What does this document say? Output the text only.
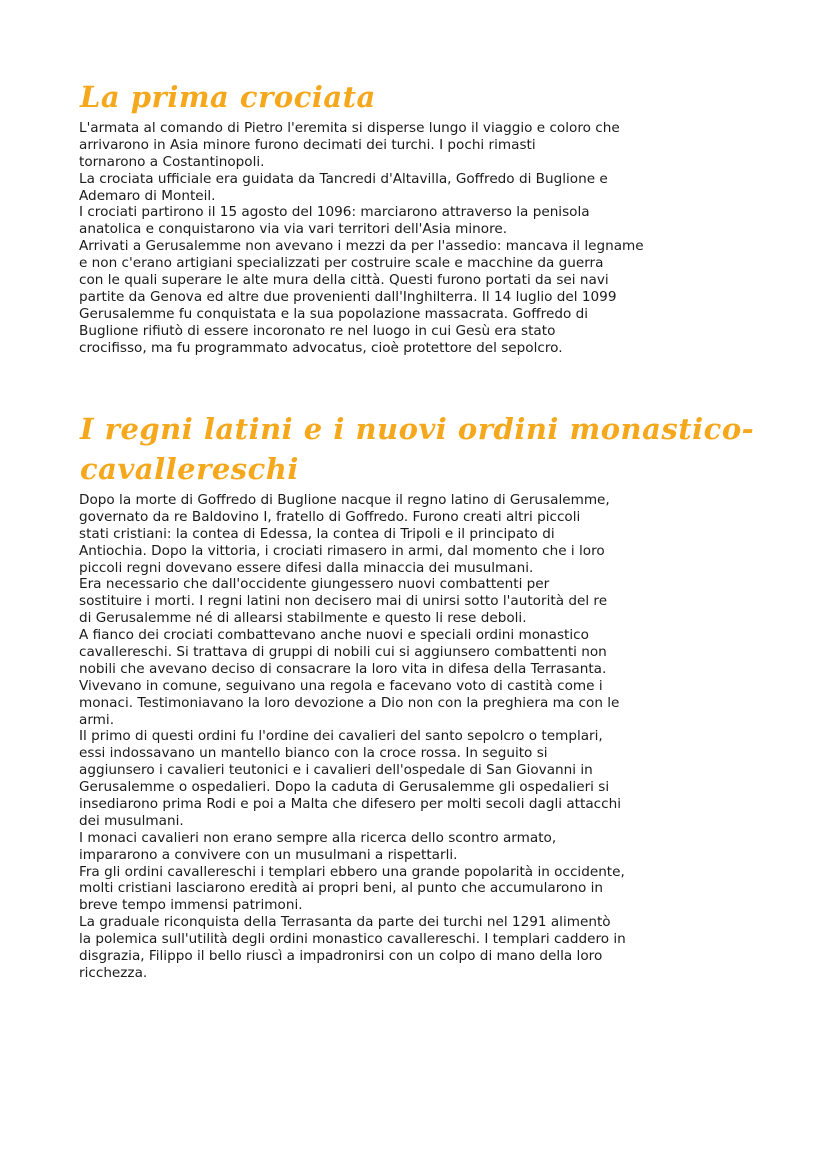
La prima crociata
L'armata al comando di Pietro l'eremita si disperse lungo il viaggio e coloro che
arrivarono in Asia minore furono decimati dei turchi. I pochi rimasti
tornarono a Costantinopoli.
La crociata ufficiale era guidata da Tancredi d'Altavilla, Goffredo di Buglione e
Ademaro di Monteil.
I crociati partirono il 15 agosto del 1096: marciarono attraverso la penisola
anatolica e conquistarono via via vari territori dell'Asia minore.
Arrivati a Gerusalemme non avevano i mezzi da per l'assedio: mancava il legname
e non c'erano artigiani specializzati per costruire scale e macchine da guerra
con le quali superare le alte mura della città. Questi furono portati da sei navi
partite da Genova ed altre due provenienti dall'Inghilterra. Il 14 luglio del 1099
Gerusalemme fu conquistata e la sua popolazione massacrata. Goffredo di
Buglione rifiutò di essere incoronato re nel luogo in cui Gesù era stato
crocifisso, ma fu programmato advocatus, cioè protettore del sepolcro.
I regni latini e i nuovi ordini monastico-
cavallereschi
Dopo la morte di Goffredo di Buglione nacque il regno latino di Gerusalemme,
governato da re Baldovino I, fratello di Goffredo. Furono creati altri piccoli
stati cristiani: la contea di Edessa, la contea di Tripoli e il principato di
Antiochia. Dopo la vittoria, i crociati rimasero in armi, dal momento che i loro
piccoli regni dovevano essere difesi dalla minaccia dei musulmani.
Era necessario che dall'occidente giungessero nuovi combattenti per
sostituire i morti. I regni latini non decisero mai di unirsi sotto l'autorità del re
di Gerusalemme né di allearsi stabilmente e questo li rese deboli.
A fianco dei crociati combattevano anche nuovi e speciali ordini monastico
cavallereschi. Si trattava di gruppi di nobili cui si aggiunsero combattenti non
nobili che avevano deciso di consacrare la loro vita in difesa della Terrasanta.
Vivevano in comune, seguivano una regola e facevano voto di castità come i
monaci. Testimoniavano la loro devozione a Dio non con la preghiera ma con le
armi.
Il primo di questi ordini fu l'ordine dei cavalieri del santo sepolcro o templari,
essi indossavano un mantello bianco con la croce rossa. In seguito si
aggiunsero i cavalieri teutonici e i cavalieri dell'ospedale di San Giovanni in
Gerusalemme o ospedalieri. Dopo la caduta di Gerusalemme gli ospedalieri si
insediarono prima Rodi e poi a Malta che difesero per molti secoli dagli attacchi
dei musulmani.
I monaci cavalieri non erano sempre alla ricerca dello scontro armato,
impararono a convivere con un musulmani a rispettarli.
Fra gli ordini cavallereschi i templari ebbero una grande popolarità in occidente,
molti cristiani lasciarono eredità ai propri beni, al punto che accumularono in
breve tempo immensi patrimoni.
La graduale riconquista della Terrasanta da parte dei turchi nel 1291 alimentò
la polemica sull'utilità degli ordini monastico cavallereschi. I templari caddero in
disgrazia, Filippo il bello riuscì a impadronirsi con un colpo di mano della loro
ricchezza.
